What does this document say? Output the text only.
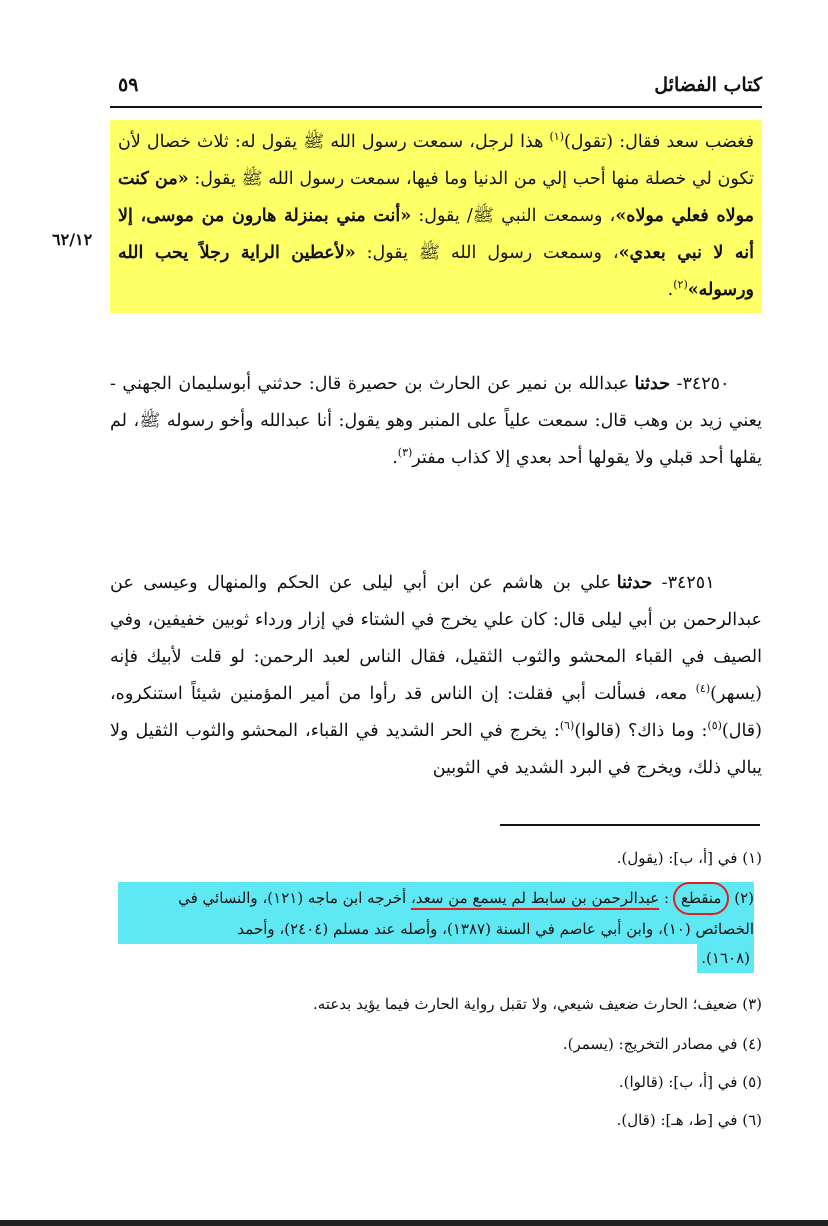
كتاب الفضائل
٥٩
٦٢/١٢
فغضب سعد فقال: (تقول)$^{(١)}$ هذا لرجل، سمعت رسول الله ﷺ يقول له: ثلاث خصال لأن تكون لي خصلة منها أحب إلي من الدنيا وما فيها، سمعت رسول الله ﷺ يقول: «من كنت مولاه فعلي مولاه»، وسمعت النبي ﷺ/ يقول: «أنت مني بمنزلة هارون من موسى، إلا أنه لا نبي بعدي»، وسمعت رسول الله ﷺ يقول: «لأعطين الراية رجلاً يحب الله ورسوله»$^{(٢)}$.
٣٤٢٥٠- حدثنا عبدالله بن نمير عن الحارث بن حصيرة قال: حدثني أبوسليمان الجهني - يعني زيد بن وهب قال: سمعت علياً على المنبر وهو يقول: أنا عبدالله وأخو رسوله ﷺ، لم يقلها أحد قبلي ولا يقولها أحد بعدي إلا كذاب مفتر$^{(٣)}$.
٣٤٢٥١- حدثنا علي بن هاشم عن ابن أبي ليلى عن الحكم والمنهال وعيسى عن عبدالرحمن بن أبي ليلى قال: كان علي يخرج في الشتاء في إزار ورداء ثوبين خفيفين، وفي الصيف في القباء المحشو والثوب الثقيل، فقال الناس لعبد الرحمن: لو قلت لأبيك فإنه (يسهر)$^{(٤)}$ معه، فسألت أبي فقلت: إن الناس قد رأوا من أمير المؤمنين شيئاً استنكروه، (قال)$^{(٥)}$: وما ذاك؟ (قالوا)$^{(٦)}$: يخرج في الحر الشديد في القباء، المحشو والثوب الثقيل ولا يبالي ذلك، ويخرج في البرد الشديد في الثوبين
(١) في [أ، ب]: (يقول).
(٢) منقطع: عبدالرحمن بن سابط لم يسمع من سعد، أخرجه ابن ماجه (١٢١)، والنسائي في
الخصائص (١٠)، وابن أبي عاصم في السنة (١٣٨٧)، وأصله عند مسلم (٢٤٠٤)، وأحمد
(١٦٠٨).
(٣) ضعيف؛ الحارث ضعيف شيعي، ولا تقبل رواية الحارث فيما يؤيد بدعته.
(٤) في مصادر التخريج: (يسمر).
(٥) في [أ، ب]: (قالوا).
(٦) في [ط، هـ]: (قال).
